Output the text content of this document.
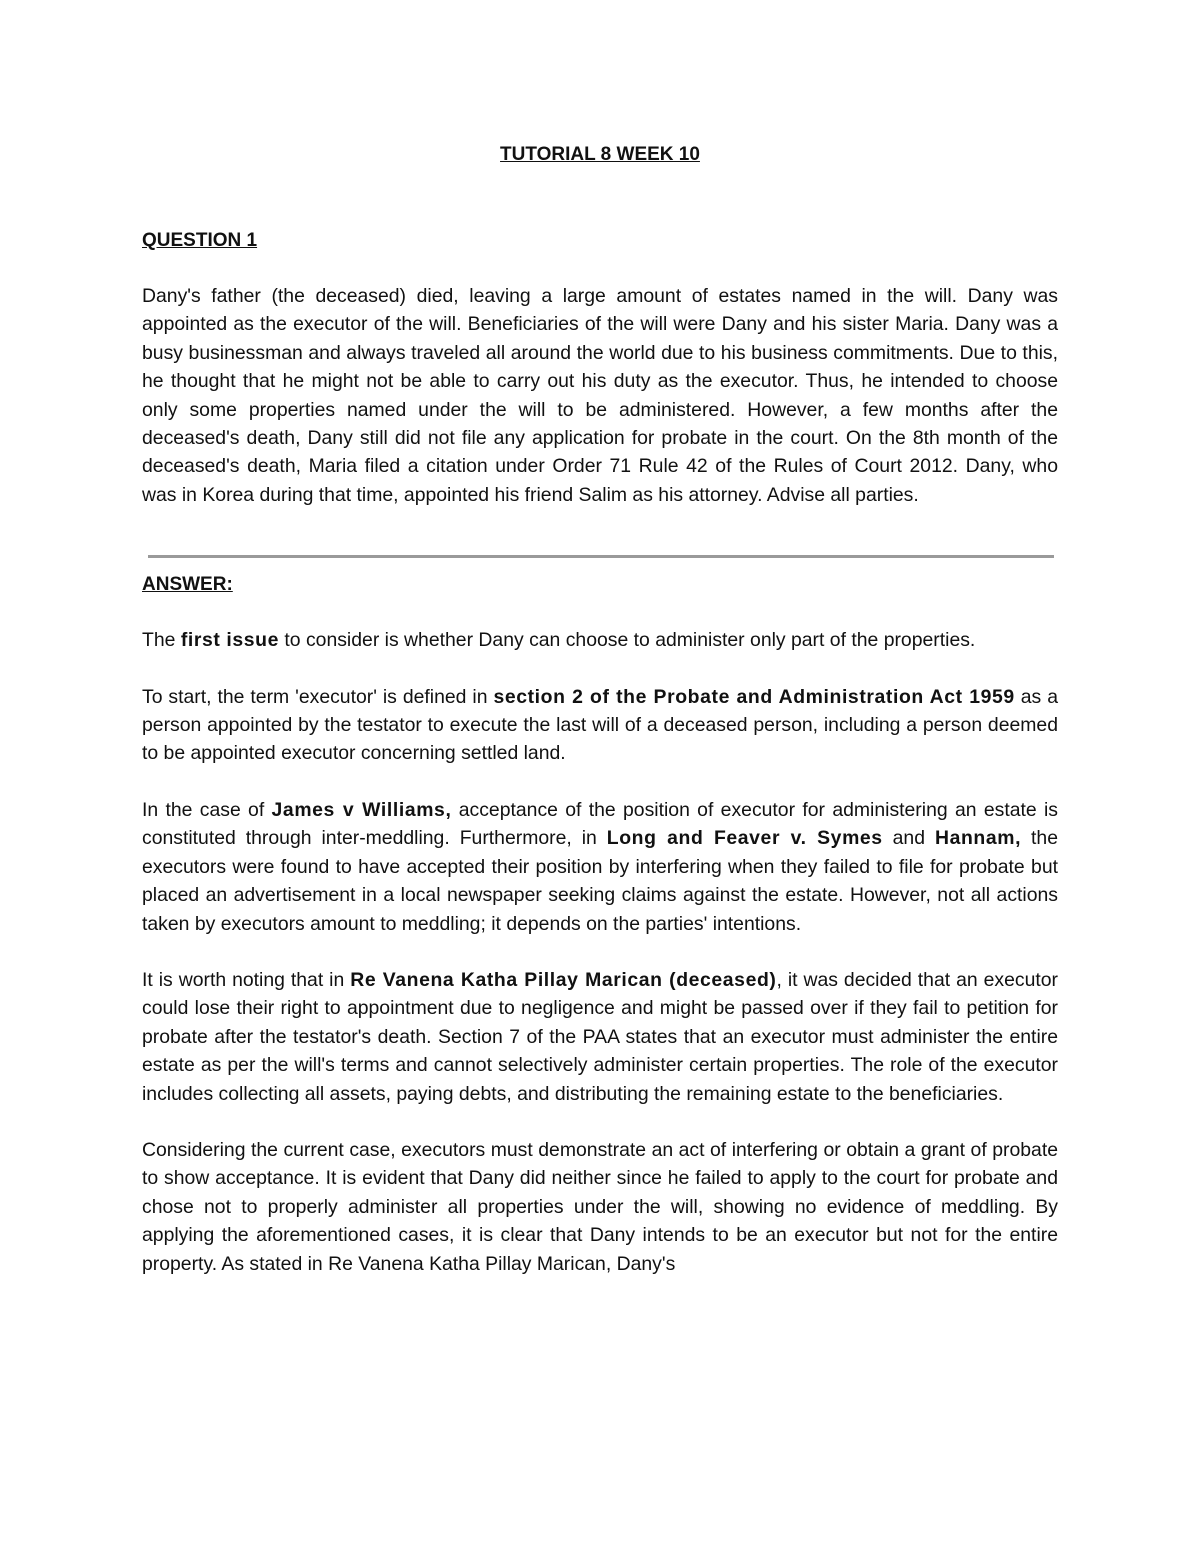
TUTORIAL 8 WEEK 10
QUESTION 1

Dany's father (the deceased) died, leaving a large amount of estates named in the will. Dany was appointed as the executor of the will. Beneficiaries of the will were Dany and his sister Maria. Dany was a busy businessman and always traveled all around the world due to his business commitments. Due to this, he thought that he might not be able to carry out his duty as the executor. Thus, he intended to choose only some properties named under the will to be administered. However, a few months after the deceased's death, Dany still did not file any application for probate in the court. On the 8th month of the deceased's death, Maria filed a citation under Order 71 Rule 42 of the Rules of Court 2012. Dany, who was in Korea during that time, appointed his friend Salim as his attorney. Advise all parties.

ANSWER:

The first issue to consider is whether Dany can choose to administer only part of the properties.

To start, the term 'executor' is defined in section 2 of the Probate and Administration Act 1959 as a person appointed by the testator to execute the last will of a deceased person, including a person deemed to be appointed executor concerning settled land.

In the case of James v Williams, acceptance of the position of executor for administering an estate is constituted through inter-meddling. Furthermore, in Long and Feaver v. Symes and Hannam, the executors were found to have accepted their position by interfering when they failed to file for probate but placed an advertisement in a local newspaper seeking claims against the estate. However, not all actions taken by executors amount to meddling; it depends on the parties' intentions.

It is worth noting that in Re Vanena Katha Pillay Marican (deceased), it was decided that an executor could lose their right to appointment due to negligence and might be passed over if they fail to petition for probate after the testator's death. Section 7 of the PAA states that an executor must administer the entire estate as per the will's terms and cannot selectively administer certain properties. The role of the executor includes collecting all assets, paying debts, and distributing the remaining estate to the beneficiaries.

Considering the current case, executors must demonstrate an act of interfering or obtain a grant of probate to show acceptance. It is evident that Dany did neither since he failed to apply to the court for probate and chose not to properly administer all properties under the will, showing no evidence of meddling. By applying the aforementioned cases, it is clear that Dany intends to be an executor but not for the entire property. As stated in Re Vanena Katha Pillay Marican, Dany's
